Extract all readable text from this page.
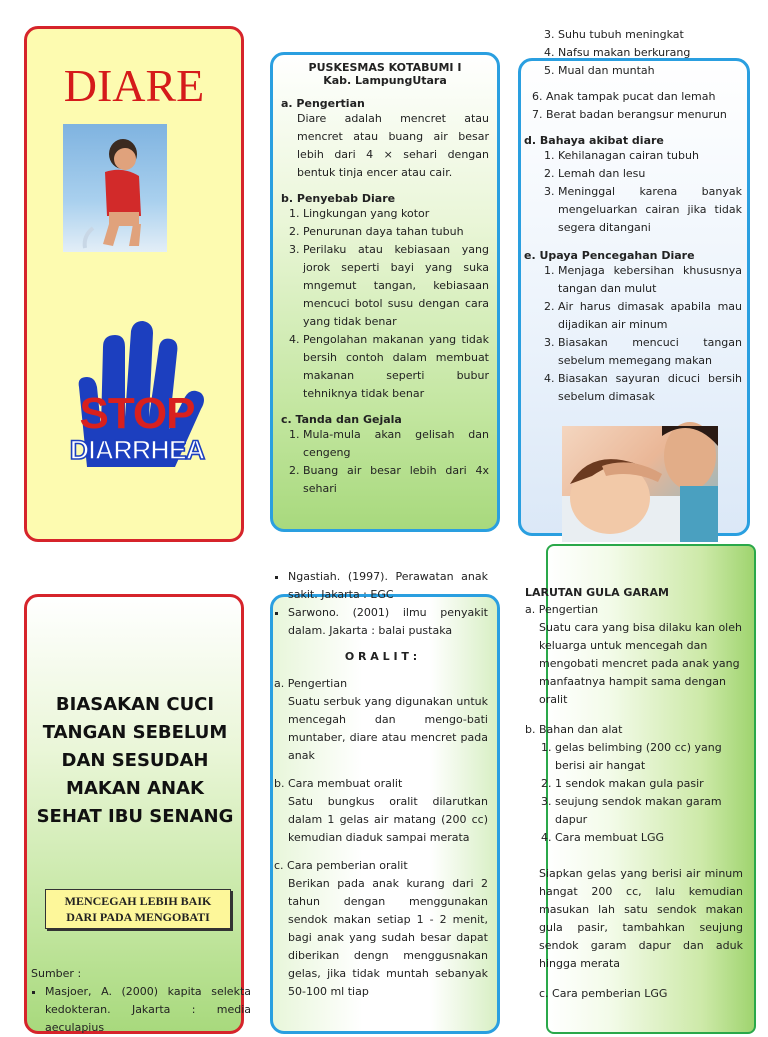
DIARE
STOP
DIARRHEA
PUSKESMAS KOTABUMI I
Kab. LampungUtara
a. Pengertian
Diare adalah mencret atau mencret atau buang air besar lebih dari 4 × sehari dengan bentuk tinja encer atau cair.
b. Penyebab Diare
1. Lingkungan yang kotor
2. Penurunan daya tahan tubuh
3. Perilaku atau kebiasaan yang jorok seperti bayi yang suka mngemut tangan, kebiasaan mencuci botol susu dengan cara yang tidak benar
4. Pengolahan makanan yang tidak bersih contoh dalam membuat makanan seperti bubur tehniknya tidak benar
c. Tanda dan Gejala
1. Mula-mula akan gelisah dan cengeng
2. Buang air besar lebih dari 4x sehari
3. Suhu tubuh meningkat
4. Nafsu makan berkurang
5. Mual dan muntah
6. Anak tampak pucat dan lemah
7. Berat badan berangsur menurun
d. Bahaya akibat diare
1. Kehilanagan cairan tubuh
2. Lemah dan lesu
3. Meninggal karena banyak mengeluarkan cairan jika tidak segera ditangani
e. Upaya Pencegahan Diare
1. Menjaga kebersihan khususnya tangan dan mulut
2. Air harus dimasak apabila mau dijadikan air minum
3. Biasakan mencuci tangan sebelum memegang makan
4. Biasakan sayuran dicuci bersih sebelum dimasak
BIASAKAN CUCI TANGAN SEBELUM DAN SESUDAH MAKAN ANAK SEHAT IBU SENANG
MENCEGAH LEBIH BAIK DARI PADA MENGOBATI
Sumber :
▪ Masjoer, A. (2000) kapita selekta kedokteran. Jakarta : media aeculapius
▪ Ngastiah. (1997). Perawatan anak sakit. Jakarta : EGC
▪ Sarwono. (2001) ilmu penyakit dalam. Jakarta : balai pustaka
O R A L I T :
a. Pengertian
Suatu serbuk yang digunakan untuk mencegah dan mengo-bati muntaber, diare atau mencret pada anak
b. Cara membuat oralit
Satu bungkus oralit dilarutkan dalam 1 gelas air matang (200 cc) kemudian diaduk sampai merata
c. Cara pemberian oralit
Berikan pada anak kurang dari 2 tahun dengan menggunakan sendok makan setiap 1 - 2 menit, bagi anak yang sudah besar dapat diberikan dengn menggusnakan gelas, jika tidak muntah sebanyak 50-100 ml tiap
LARUTAN GULA GARAM
a. Pengertian
Suatu cara yang bisa dilaku kan oleh keluarga untuk mencegah dan mengobati mencret pada anak yang manfaatnya hampit sama dengan oralit
b. Bahan dan alat
1. gelas belimbing (200 cc) yang berisi air hangat
2. 1 sendok makan gula pasir
3. seujung sendok makan garam dapur
4. Cara membuat LGG
Siapkan gelas yang berisi air minum hangat 200 cc, lalu kemudian masukan lah satu sendok makan gula pasir, tambahkan seujung sendok garam dapur dan aduk hingga merata
c. Cara pemberian LGG
